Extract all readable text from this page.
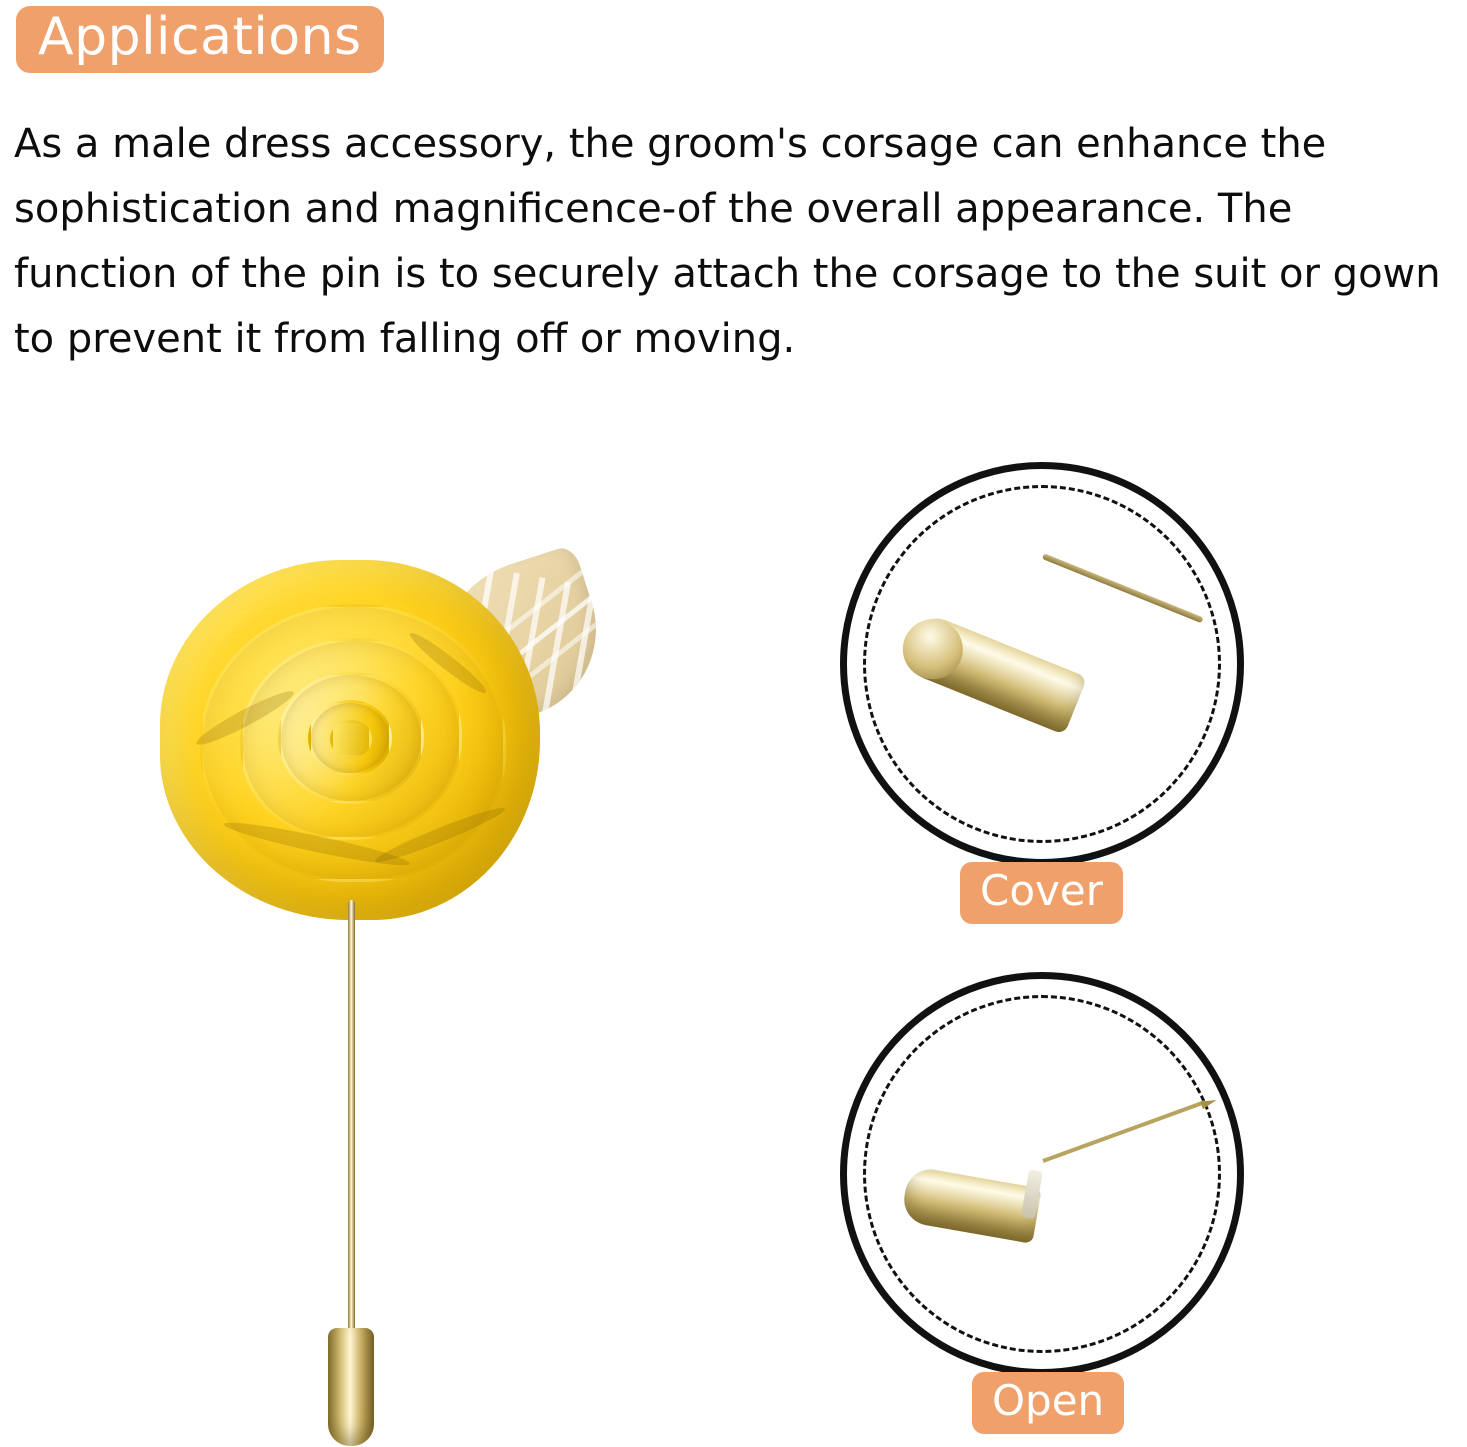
Applications
As a male dress accessory, the groom's corsage can enhance the sophistication and magnificence-of the overall appearance. The function of the pin is to securely attach the corsage to the suit or gown to prevent it from falling off or moving.
Cover
Open
